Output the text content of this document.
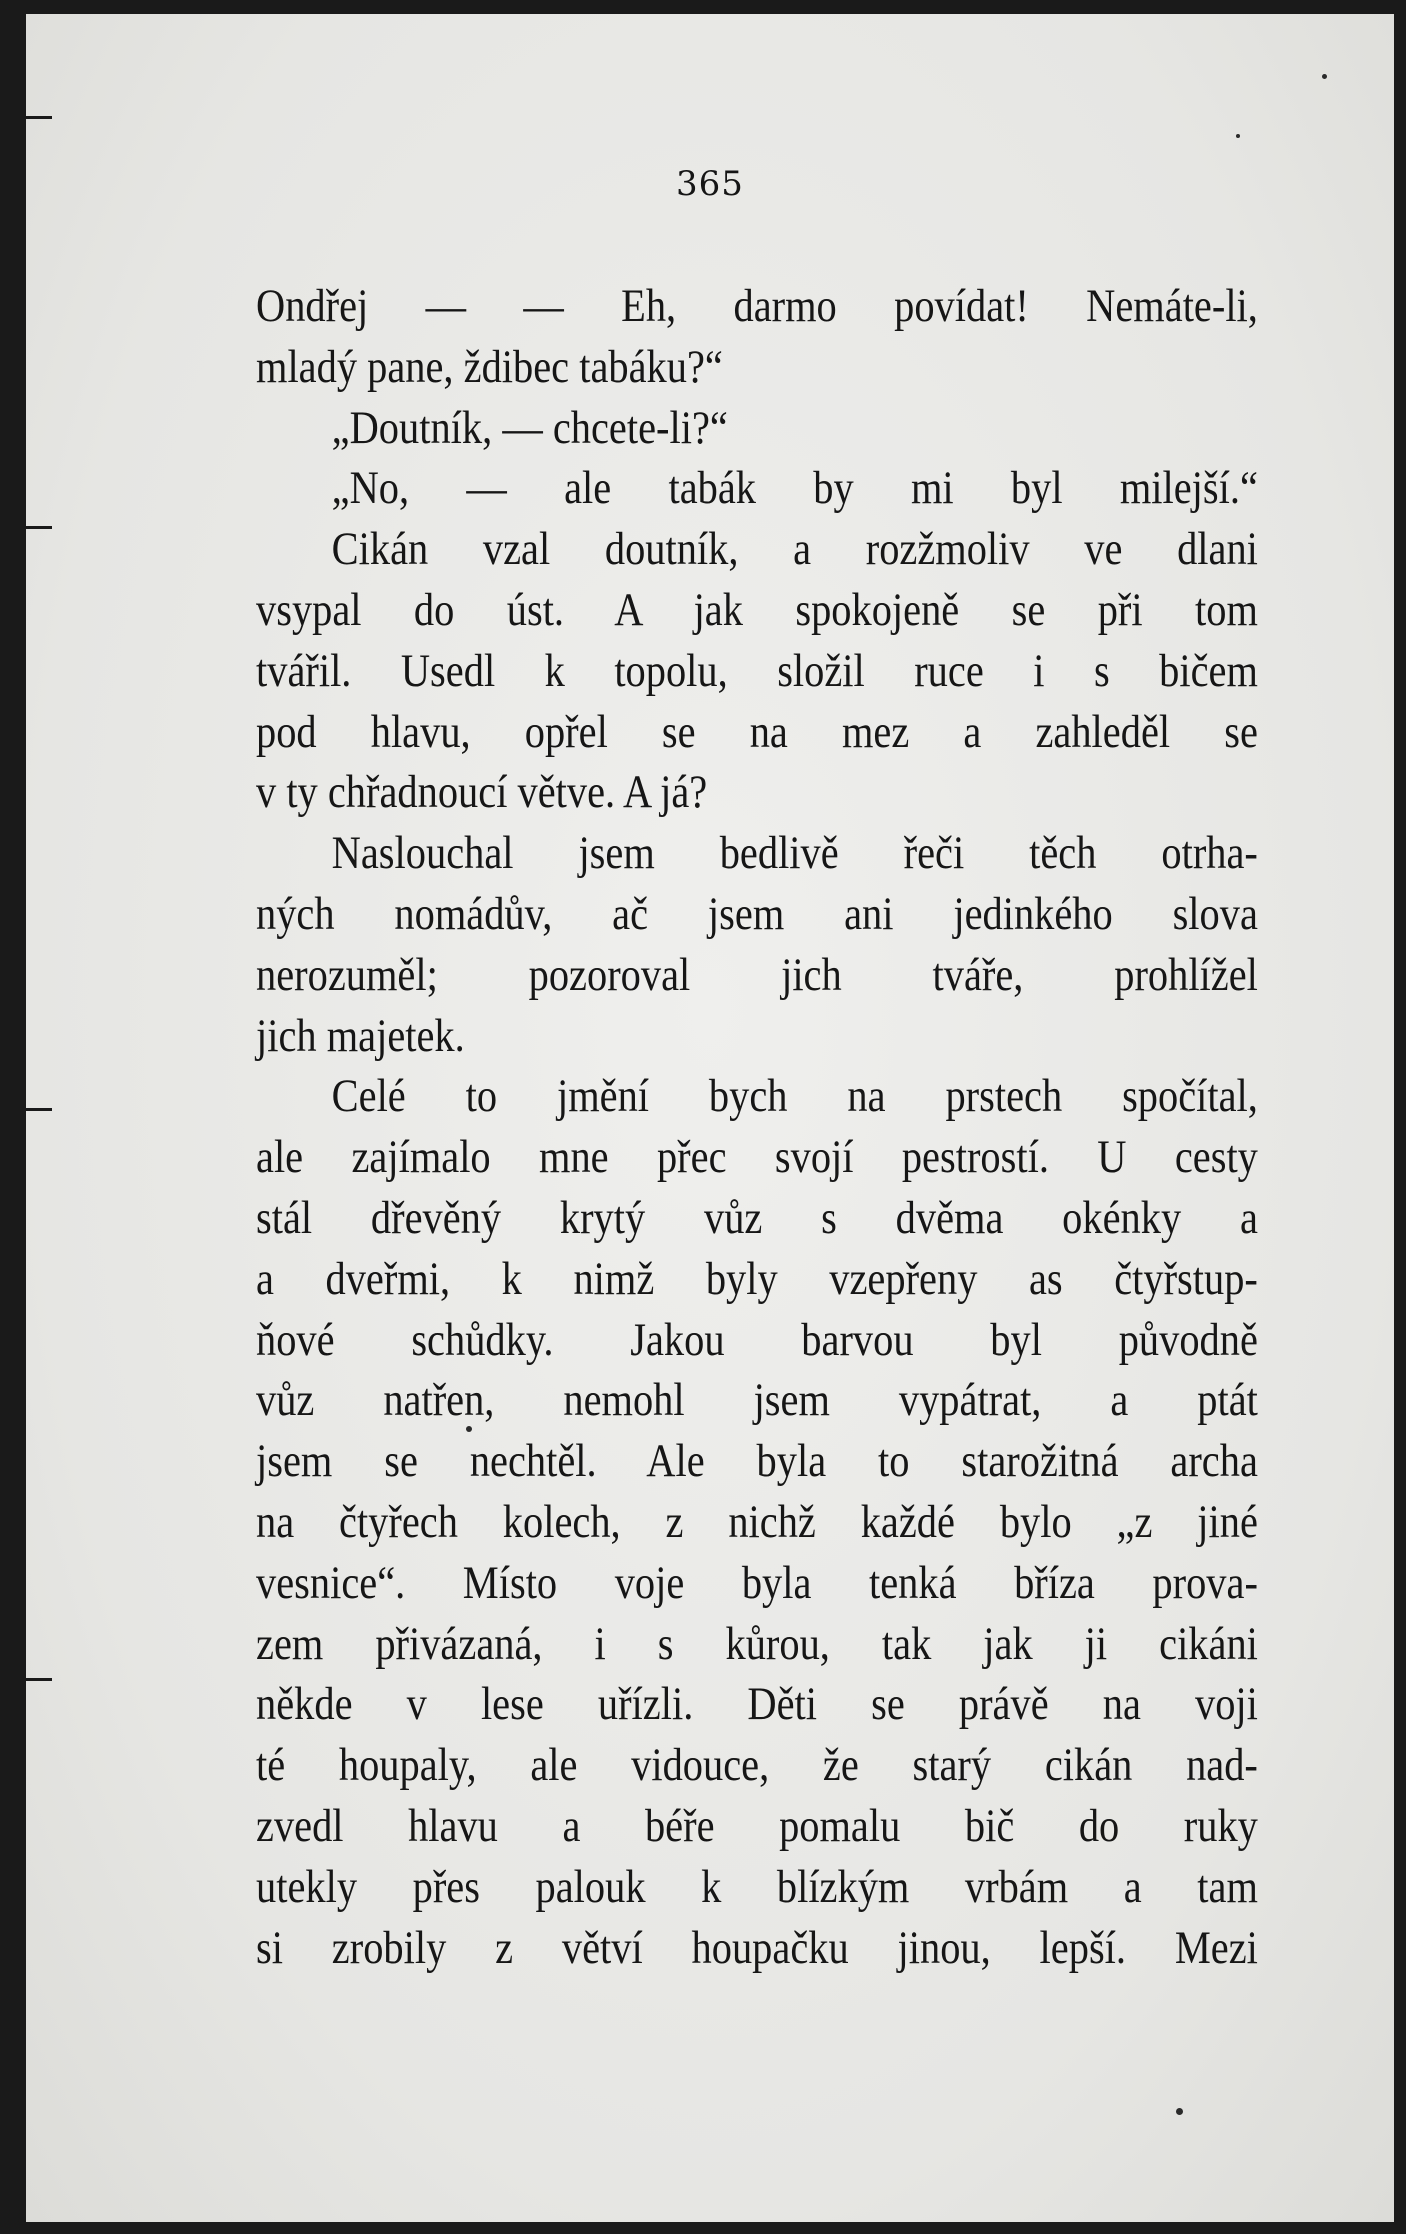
365
Ondřej — — Eh, darmo povídat! Nemáte-li,
mladý pane, ždibec tabáku?“
„Doutník, — chcete-li?“
„No, — ale tabák by mi byl milejší.“
Cikán vzal doutník, a rozžmoliv ve dlani
vsypal do úst. A jak spokojeně se při tom
tvářil. Usedl k topolu, složil ruce i s bičem
pod hlavu, opřel se na mez a zahleděl se
v ty chřadnoucí větve. A já?
Naslouchal jsem bedlivě řeči těch otrha-
ných nomádův, ač jsem ani jedinkého slova
nerozuměl; pozoroval jich tváře, prohlížel
jich majetek.
Celé to jmění bych na prstech spočítal,
ale zajímalo mne přec svojí pestrostí. U cesty
stál dřevěný krytý vůz s dvěma okénky a
a dveřmi, k nimž byly vzepřeny as čtyřstup-
ňové schůdky. Jakou barvou byl původně
vůz natřen, nemohl jsem vypátrat, a ptát
jsem se nechtěl. Ale byla to starožitná archa
na čtyřech kolech, z nichž každé bylo „z jiné
vesnice“. Místo voje byla tenká bříza prova-
zem přivázaná, i s kůrou, tak jak ji cikáni
někde v lese uřízli. Děti se právě na voji
té houpaly, ale vidouce, že starý cikán nad-
zvedl hlavu a béře pomalu bič do ruky
utekly přes palouk k blízkým vrbám a tam
si zrobily z větví houpačku jinou, lepší. Mezi
